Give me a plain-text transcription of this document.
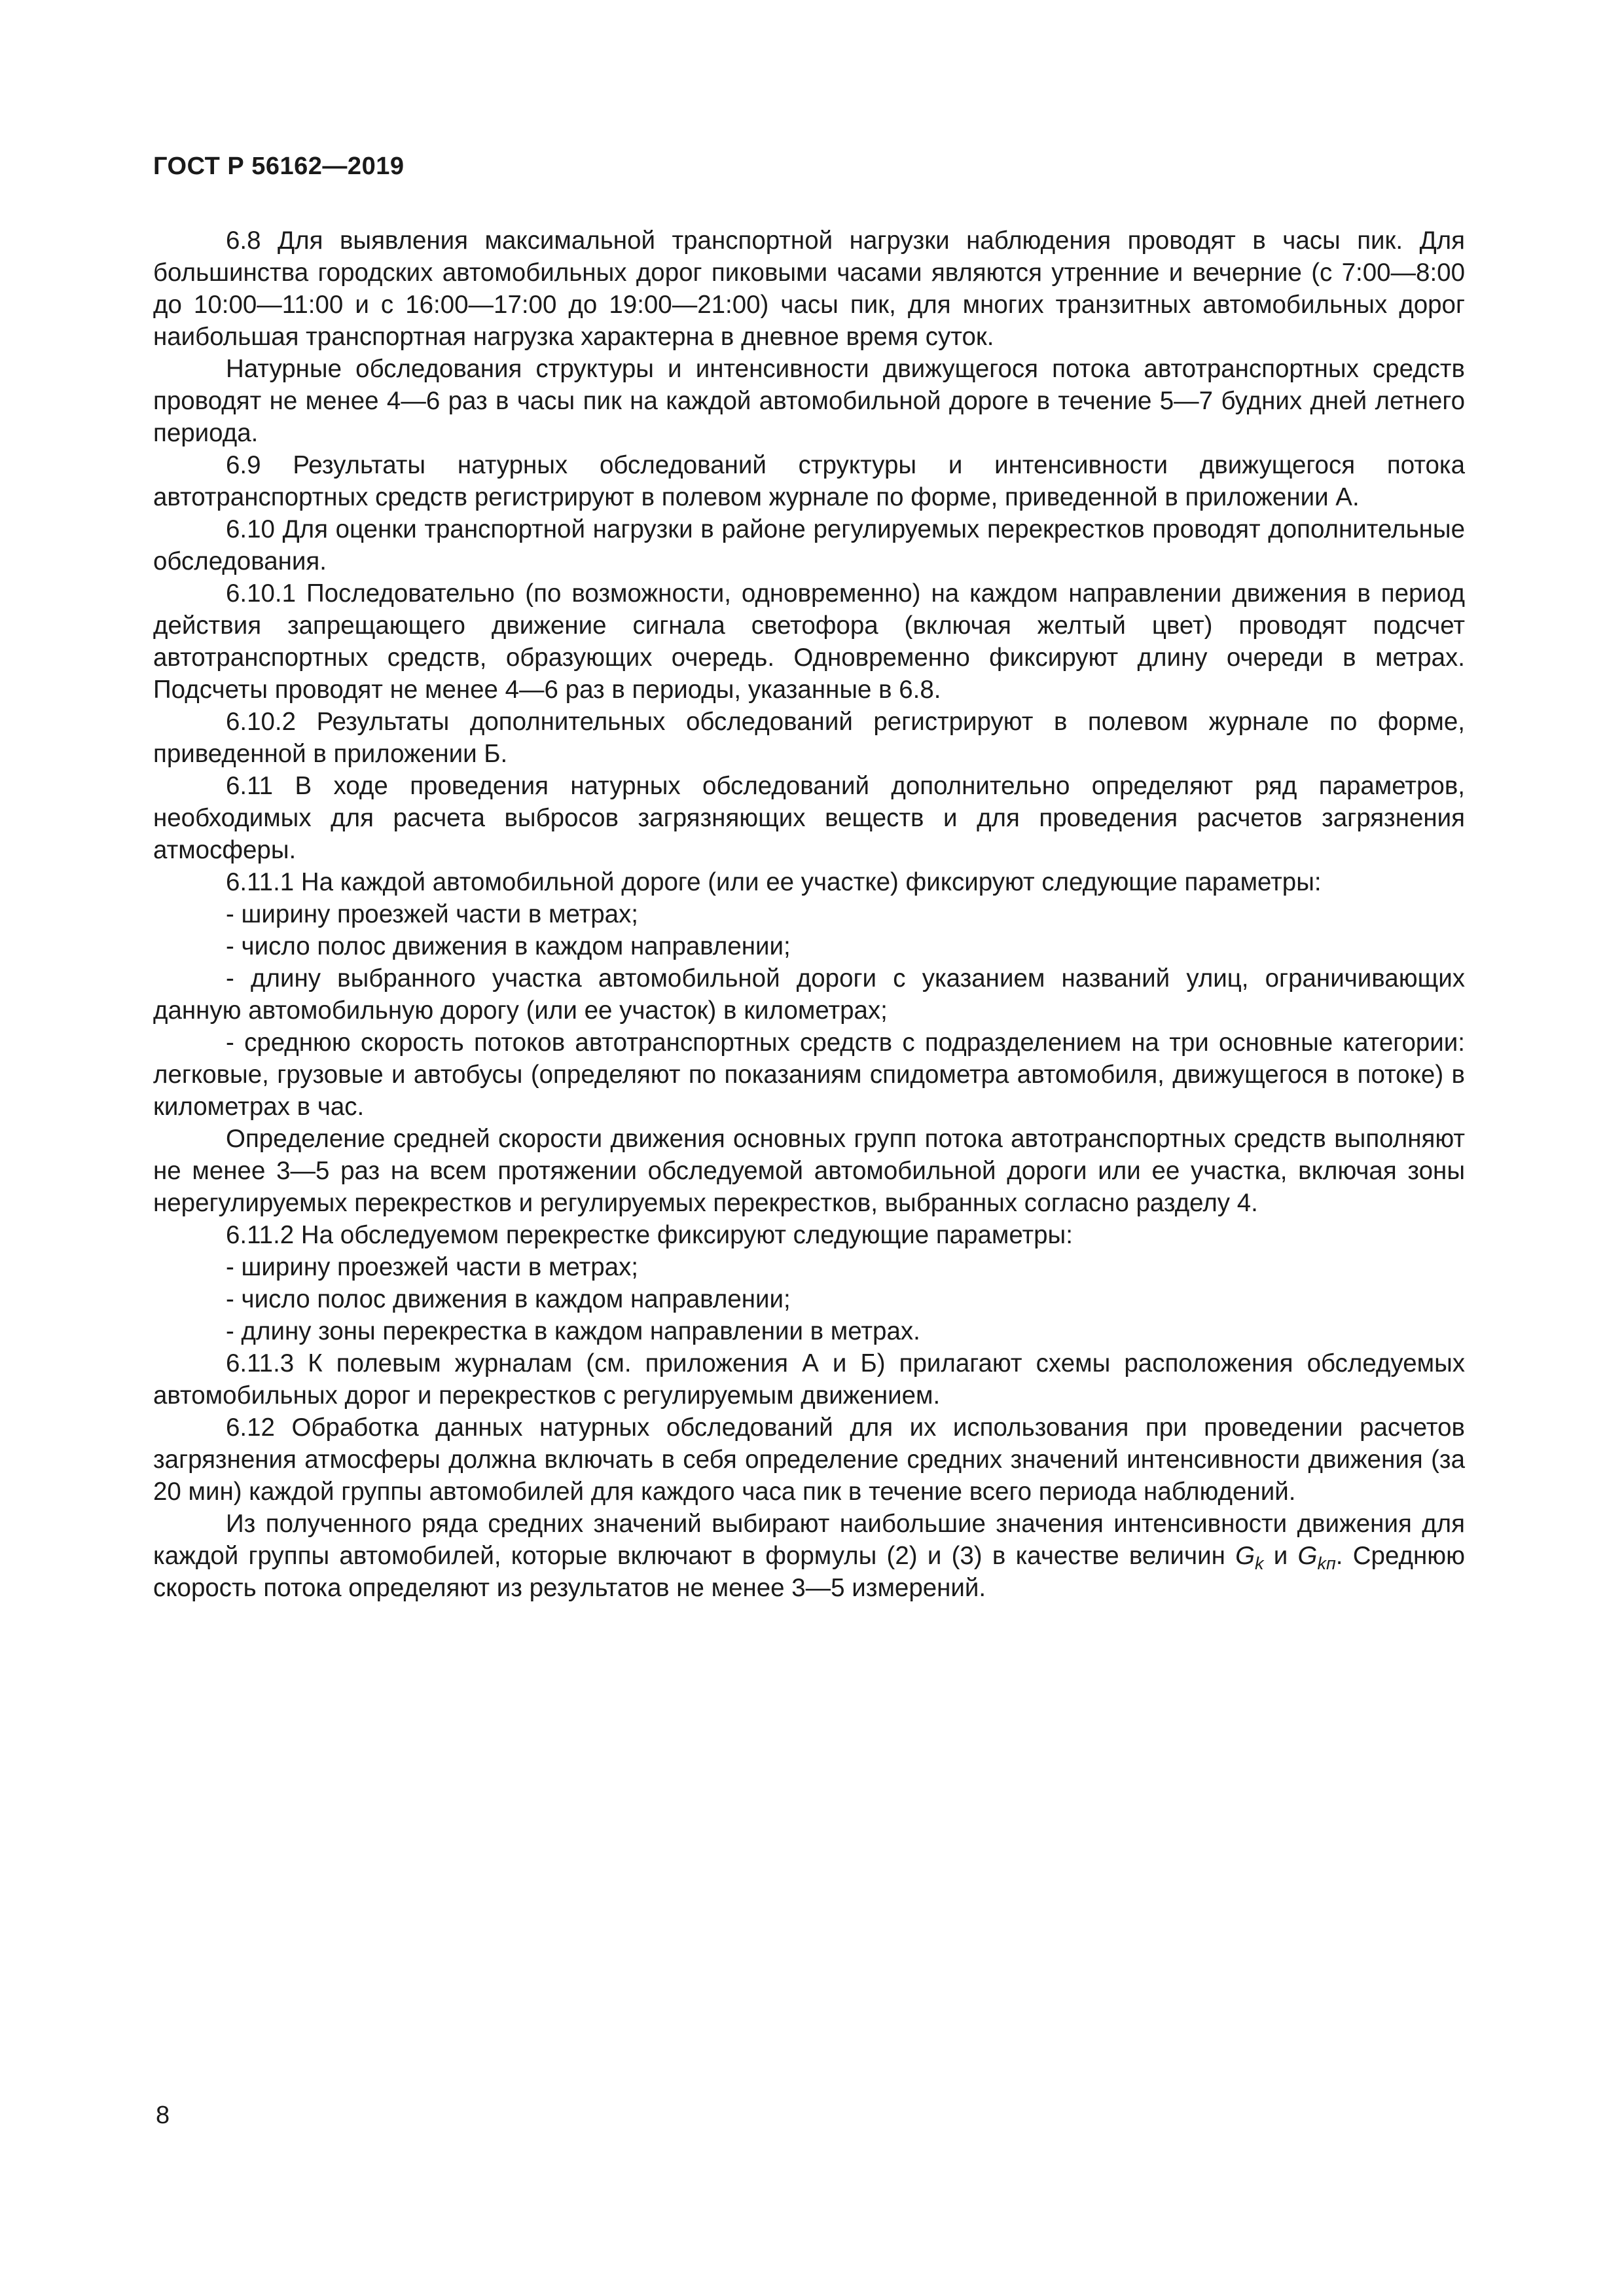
ГОСТ Р 56162—2019

6.8 Для выявления максимальной транспортной нагрузки наблюдения проводят в часы пик. Для большинства городских автомобильных дорог пиковыми часами являются утренние и вечерние (с 7:00—8:00 до 10:00—11:00 и с 16:00—17:00 до 19:00—21:00) часы пик, для многих транзитных автомобильных дорог наибольшая транспортная нагрузка характерна в дневное время суток.

Натурные обследования структуры и интенсивности движущегося потока автотранспортных средств проводят не менее 4—6 раз в часы пик на каждой автомобильной дороге в течение 5—7 будних дней летнего периода.

6.9 Результаты натурных обследований структуры и интенсивности движущегося потока автотранспортных средств регистрируют в полевом журнале по форме, приведенной в приложении А.

6.10 Для оценки транспортной нагрузки в районе регулируемых перекрестков проводят дополнительные обследования.

6.10.1 Последовательно (по возможности, одновременно) на каждом направлении движения в период действия запрещающего движение сигнала светофора (включая желтый цвет) проводят подсчет автотранспортных средств, образующих очередь. Одновременно фиксируют длину очереди в метрах. Подсчеты проводят не менее 4—6 раз в периоды, указанные в 6.8.

6.10.2 Результаты дополнительных обследований регистрируют в полевом журнале по форме, приведенной в приложении Б.

6.11 В ходе проведения натурных обследований дополнительно определяют ряд параметров, необходимых для расчета выбросов загрязняющих веществ и для проведения расчетов загрязнения атмосферы.

6.11.1 На каждой автомобильной дороге (или ее участке) фиксируют следующие параметры:

- ширину проезжей части в метрах;

- число полос движения в каждом направлении;

- длину выбранного участка автомобильной дороги с указанием названий улиц, ограничивающих данную автомобильную дорогу (или ее участок) в километрах;

- среднюю скорость потоков автотранспортных средств с подразделением на три основные категории: легковые, грузовые и автобусы (определяют по показаниям спидометра автомобиля, движущегося в потоке) в километрах в час.

Определение средней скорости движения основных групп потока автотранспортных средств выполняют не менее 3—5 раз на всем протяжении обследуемой автомобильной дороги или ее участка, включая зоны нерегулируемых перекрестков и регулируемых перекрестков, выбранных согласно разделу 4.

6.11.2 На обследуемом перекрестке фиксируют следующие параметры:

- ширину проезжей части в метрах;

- число полос движения в каждом направлении;

- длину зоны перекрестка в каждом направлении в метрах.

6.11.3 К полевым журналам (см. приложения А и Б) прилагают схемы расположения обследуемых автомобильных дорог и перекрестков с регулируемым движением.

6.12 Обработка данных натурных обследований для их использования при проведении расчетов загрязнения атмосферы должна включать в себя определение средних значений интенсивности движения (за 20 мин) каждой группы автомобилей для каждого часа пик в течение всего периода наблюдений.

Из полученного ряда средних значений выбирают наибольшие значения интенсивности движения для каждой группы автомобилей, которые включают в формулы (2) и (3) в качестве величин $G_k$ и $G_{kп}$. Среднюю скорость потока определяют из результатов не менее 3—5 измерений.

8
